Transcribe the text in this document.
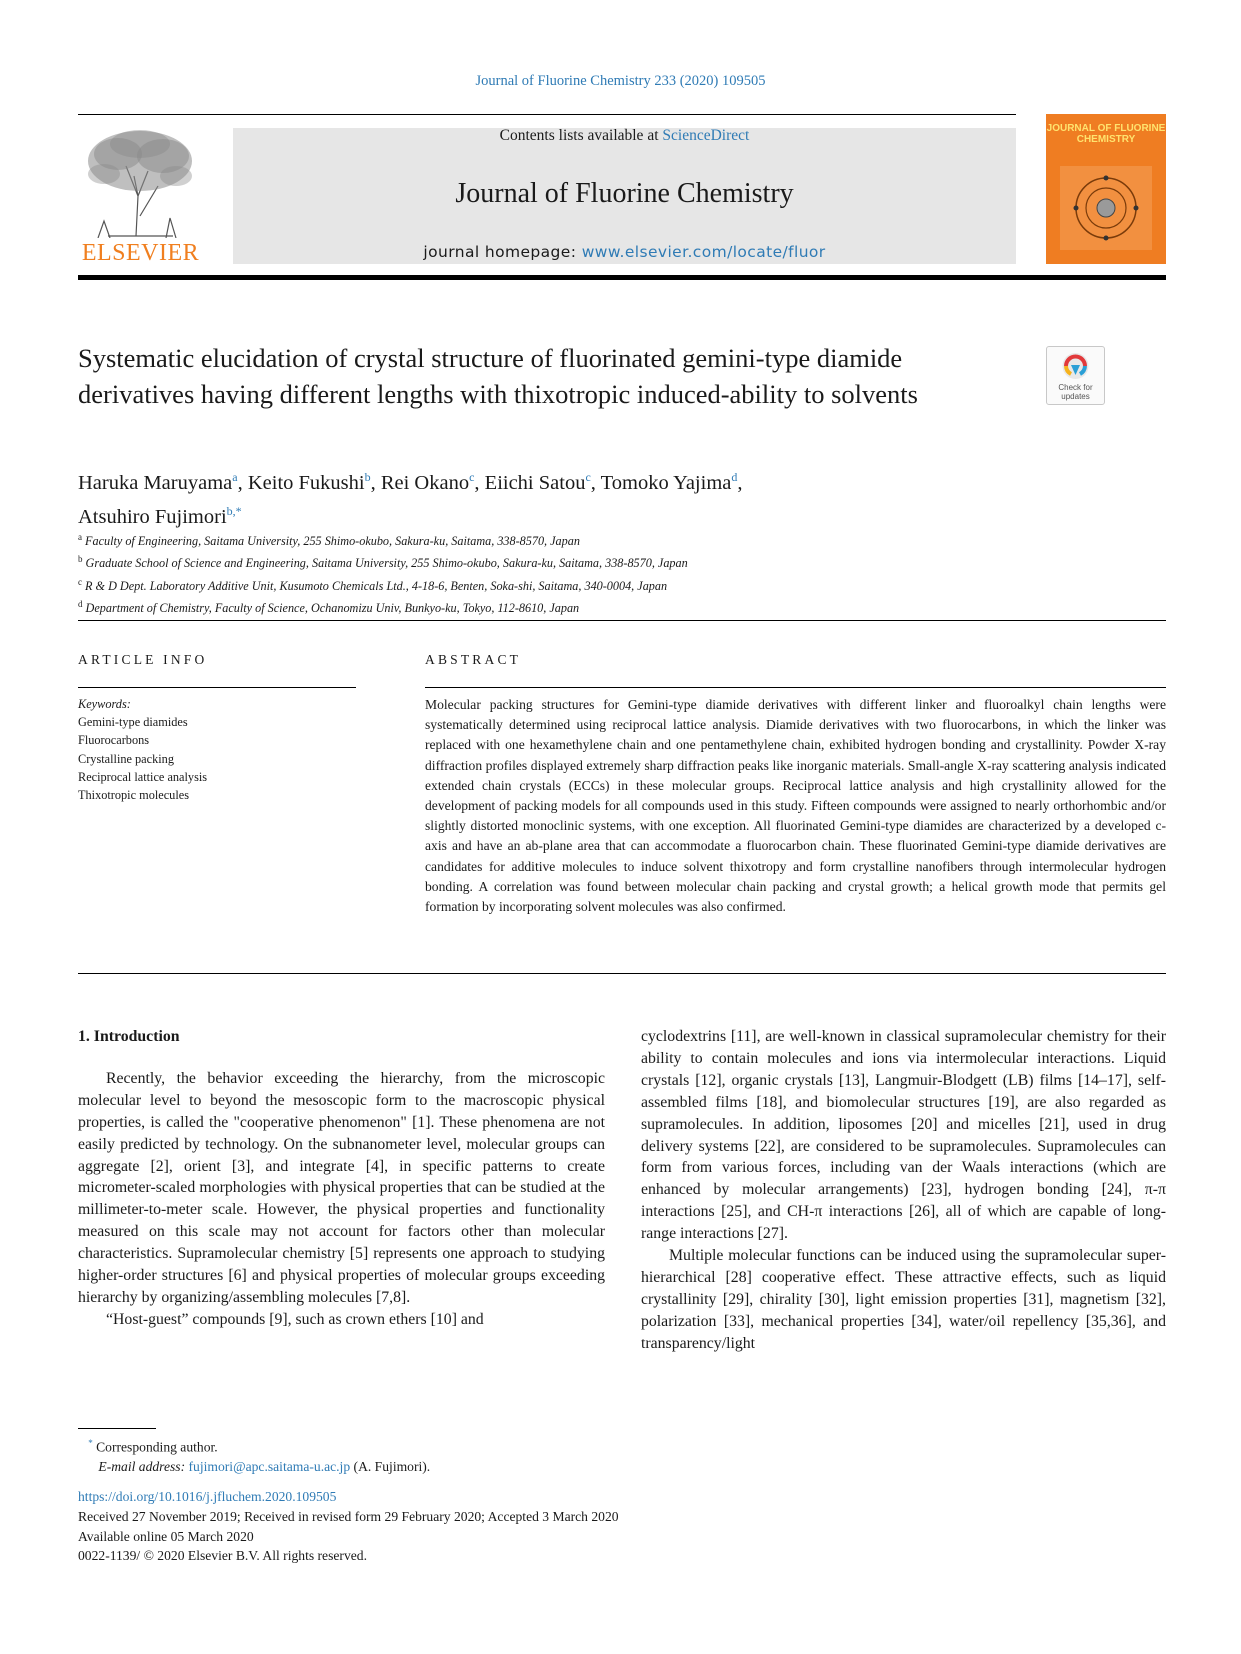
Journal of Fluorine Chemistry 233 (2020) 109505
ELSEVIER
Contents lists available at ScienceDirect
Journal of Fluorine Chemistry
journal homepage: www.elsevier.com/locate/fluor
JOURNAL OF FLUORINE CHEMISTRY
Systematic elucidation of crystal structure of fluorinated gemini-type diamide derivatives having different lengths with thixotropic induced-ability to solvents	Check for updates
Haruka Maruyama$^a$, Keito Fukushi$^b$, Rei Okano$^c$, Eiichi Satou$^c$, Tomoko Yajima$^d$,
Atsuhiro Fujimori$^{b,*}$
$^a$ Faculty of Engineering, Saitama University, 255 Shimo-okubo, Sakura-ku, Saitama, 338-8570, Japan
$^b$ Graduate School of Science and Engineering, Saitama University, 255 Shimo-okubo, Sakura-ku, Saitama, 338-8570, Japan
$^c$ R & D Dept. Laboratory Additive Unit, Kusumoto Chemicals Ltd., 4-18-6, Benten, Soka-shi, Saitama, 340-0004, Japan
$^d$ Department of Chemistry, Faculty of Science, Ochanomizu Univ, Bunkyo-ku, Tokyo, 112-8610, Japan
ARTICLE INFO	ABSTRACT
Keywords:
Gemini-type diamides
Fluorocarbons
Crystalline packing
Reciprocal lattice analysis
Thixotropic molecules
Molecular packing structures for Gemini-type diamide derivatives with different linker and fluoroalkyl chain lengths were systematically determined using reciprocal lattice analysis. Diamide derivatives with two fluorocarbons, in which the linker was replaced with one hexamethylene chain and one pentamethylene chain, exhibited hydrogen bonding and crystallinity. Powder X-ray diffraction profiles displayed extremely sharp diffraction peaks like inorganic materials. Small-angle X-ray scattering analysis indicated extended chain crystals (ECCs) in these molecular groups. Reciprocal lattice analysis and high crystallinity allowed for the development of packing models for all compounds used in this study. Fifteen compounds were assigned to nearly orthorhombic and/or slightly distorted monoclinic systems, with one exception. All fluorinated Gemini-type diamides are characterized by a developed c-axis and have an ab-plane area that can accommodate a fluorocarbon chain. These fluorinated Gemini-type diamide derivatives are candidates for additive molecules to induce solvent thixotropy and form crystalline nanofibers through intermolecular hydrogen bonding. A correlation was found between molecular chain packing and crystal growth; a helical growth mode that permits gel formation by incorporating solvent molecules was also confirmed.
1. Introduction

Recently, the behavior exceeding the hierarchy, from the microscopic molecular level to beyond the mesoscopic form to the macroscopic physical properties, is called the "cooperative phenomenon" [1]. These phenomena are not easily predicted by technology. On the subnanometer level, molecular groups can aggregate [2], orient [3], and integrate [4], in specific patterns to create micrometer-scaled morphologies with physical properties that can be studied at the millimeter-to-meter scale. However, the physical properties and functionality measured on this scale may not account for factors other than molecular characteristics. Supramolecular chemistry [5] represents one approach to studying higher-order structures [6] and physical properties of molecular groups exceeding hierarchy by organizing/assembling molecules [7,8].

“Host-guest” compounds [9], such as crown ethers [10] and

cyclodextrins [11], are well-known in classical supramolecular chemistry for their ability to contain molecules and ions via intermolecular interactions. Liquid crystals [12], organic crystals [13], Langmuir-Blodgett (LB) films [14–17], self-assembled films [18], and biomolecular structures [19], are also regarded as supramolecules. In addition, liposomes [20] and micelles [21], used in drug delivery systems [22], are considered to be supramolecules. Supramolecules can form from various forces, including van der Waals interactions (which are enhanced by molecular arrangements) [23], hydrogen bonding [24], π-π interactions [25], and CH-π interactions [26], all of which are capable of long-range interactions [27].

Multiple molecular functions can be induced using the supramolecular super-hierarchical [28] cooperative effect. These attractive effects, such as liquid crystallinity [29], chirality [30], light emission properties [31], magnetism [32], polarization [33], mechanical properties [34], water/oil repellency [35,36], and transparency/light

* Corresponding author.
E-mail address: fujimori@apc.saitama-u.ac.jp (A. Fujimori).
https://doi.org/10.1016/j.jfluchem.2020.109505
Received 27 November 2019; Received in revised form 29 February 2020; Accepted 3 March 2020
Available online 05 March 2020
0022-1139/ © 2020 Elsevier B.V. All rights reserved.
